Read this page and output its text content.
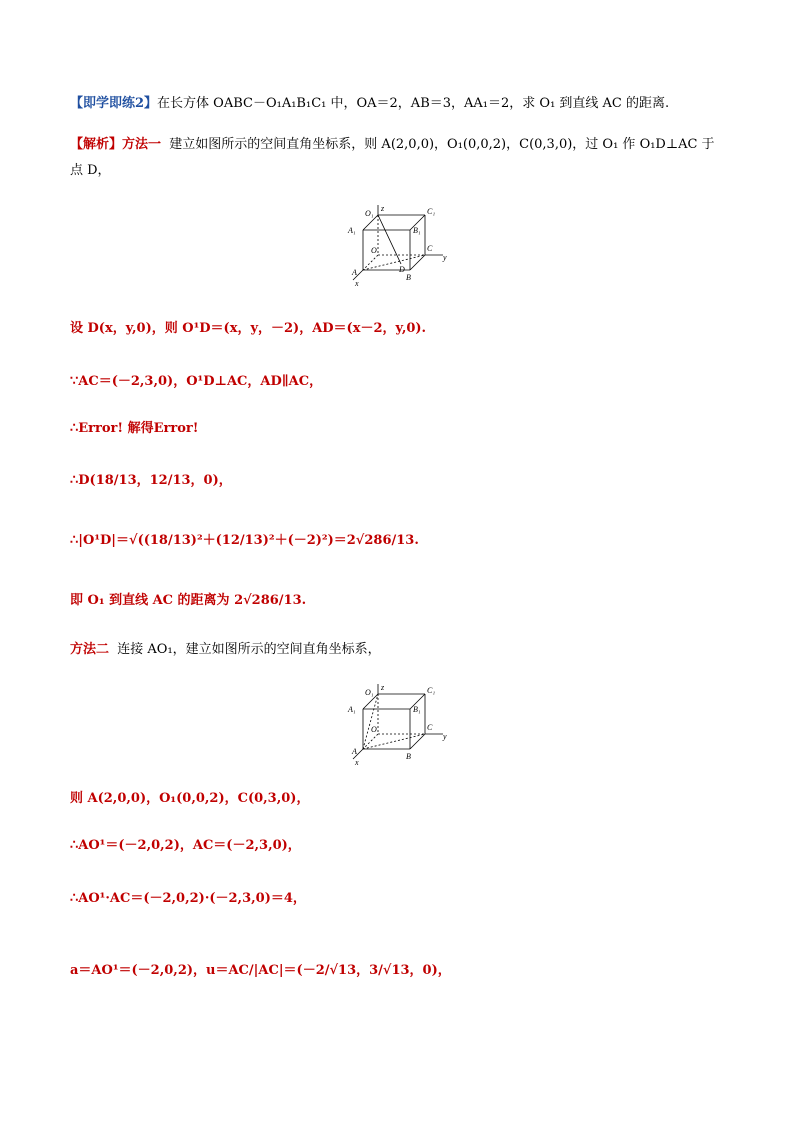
【即学即练2】在长方体 OABC－O₁A₁B₁C₁ 中，OA＝2，AB＝3，AA₁＝2，求 O₁ 到直线 AC 的距离.
【解析】方法一 建立如图所示的空间直角坐标系，则 A(2,0,0)，O₁(0,0,2)，C(0,3,0)，过 O₁ 作 O₁D⊥AC 于
点 D，
z
O₁	C₁
A₁	B₁
O	C
y
D
A
B
x
设 D(x，y,0)，则 O¹D＝(x，y，－2)，AD＝(x－2，y,0).
∵AC＝(－2,3,0)，O¹D⊥AC，AD∥AC，
∴Error! 解得Error!
∴D(18/13，12/13，0)，
∴|O¹D|＝√((18/13)²＋(12/13)²＋(－2)²)＝2√286/13.
即 O₁ 到直线 AC 的距离为 2√286/13.
方法二 连接 AO₁，建立如图所示的空间直角坐标系，
z
O₁	C₁
A₁	B₁
O	C
y
A
B
x
则 A(2,0,0)，O₁(0,0,2)，C(0,3,0)，
∴AO¹＝(－2,0,2)，AC＝(－2,3,0)，
∴AO¹·AC＝(－2,0,2)·(－2,3,0)＝4，
a＝AO¹＝(－2,0,2)，u＝AC/|AC|＝(－2/√13，3/√13，0)，
